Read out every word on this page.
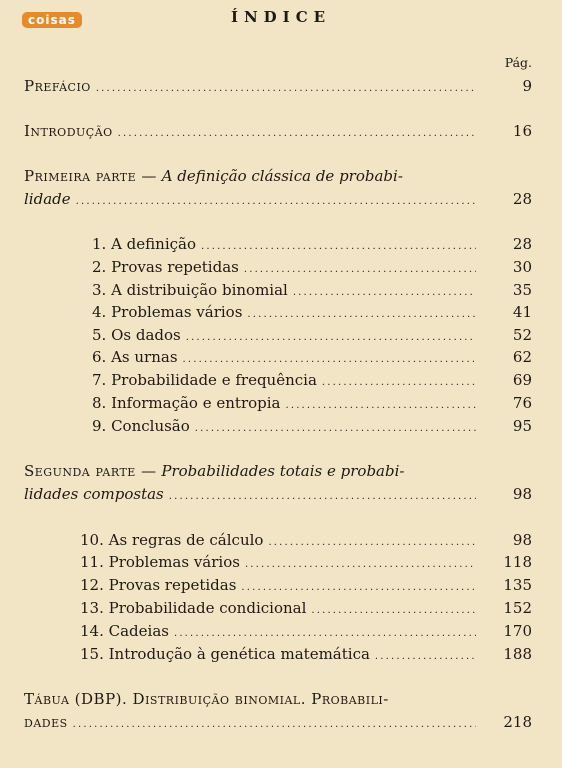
coisas	ÍNDICE
Pág.
Prefácio . . .	9
Introdução . . .	16
Primeira parte — A definição clássica de probabi-
lidade . . .	28
1. A definição . . .	28
2. Provas repetidas . . .	30
3. A distribuição binomial . . .	35
4. Problemas vários . . .	41
5. Os dados . . .	52
6. As urnas . . .	62
7. Probabilidade e frequência . . .	69
8. Informação e entropia . . .	76
9. Conclusão . . .	95
Segunda parte — Probabilidades totais e probabi-
lidades compostas . . .	98
10. As regras de cálculo . . .	98
11. Problemas vários . . .	118
12. Provas repetidas . . .	135
13. Probabilidade condicional . . .	152
14. Cadeias . . .	170
15. Introdução à genética matemática . . .	188
Tábua (DBP). Distribuição binomial. Probabili-
dades . . .	218
